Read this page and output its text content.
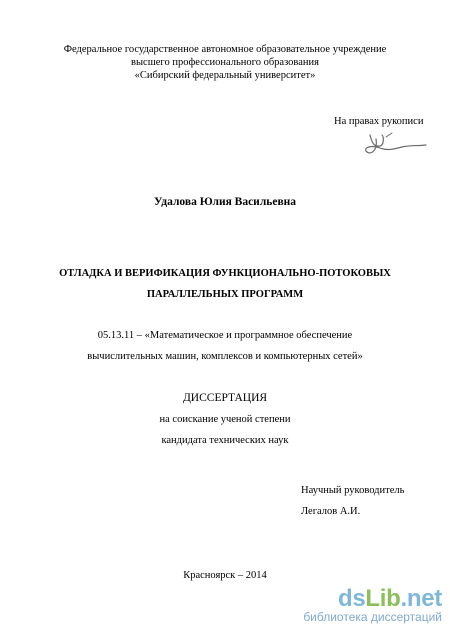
Федеральное государственное автономное образовательное учреждение
высшего профессионального образования
«Сибирский федеральный университет»
На правах рукописи
Удалова Юлия Васильевна
ОТЛАДКА И ВЕРИФИКАЦИЯ ФУНКЦИОНАЛЬНО-ПОТОКОВЫХ
ПАРАЛЛЕЛЬНЫХ ПРОГРАММ
05.13.11 – «Математическое и программное обеспечение
вычислительных машин, комплексов и компьютерных сетей»
ДИССЕРТАЦИЯ
на соискание ученой степени
кандидата технических наук
Научный руководитель
Легалов А.И.
Красноярск – 2014
dsLib.net
библиотека диссертаций
